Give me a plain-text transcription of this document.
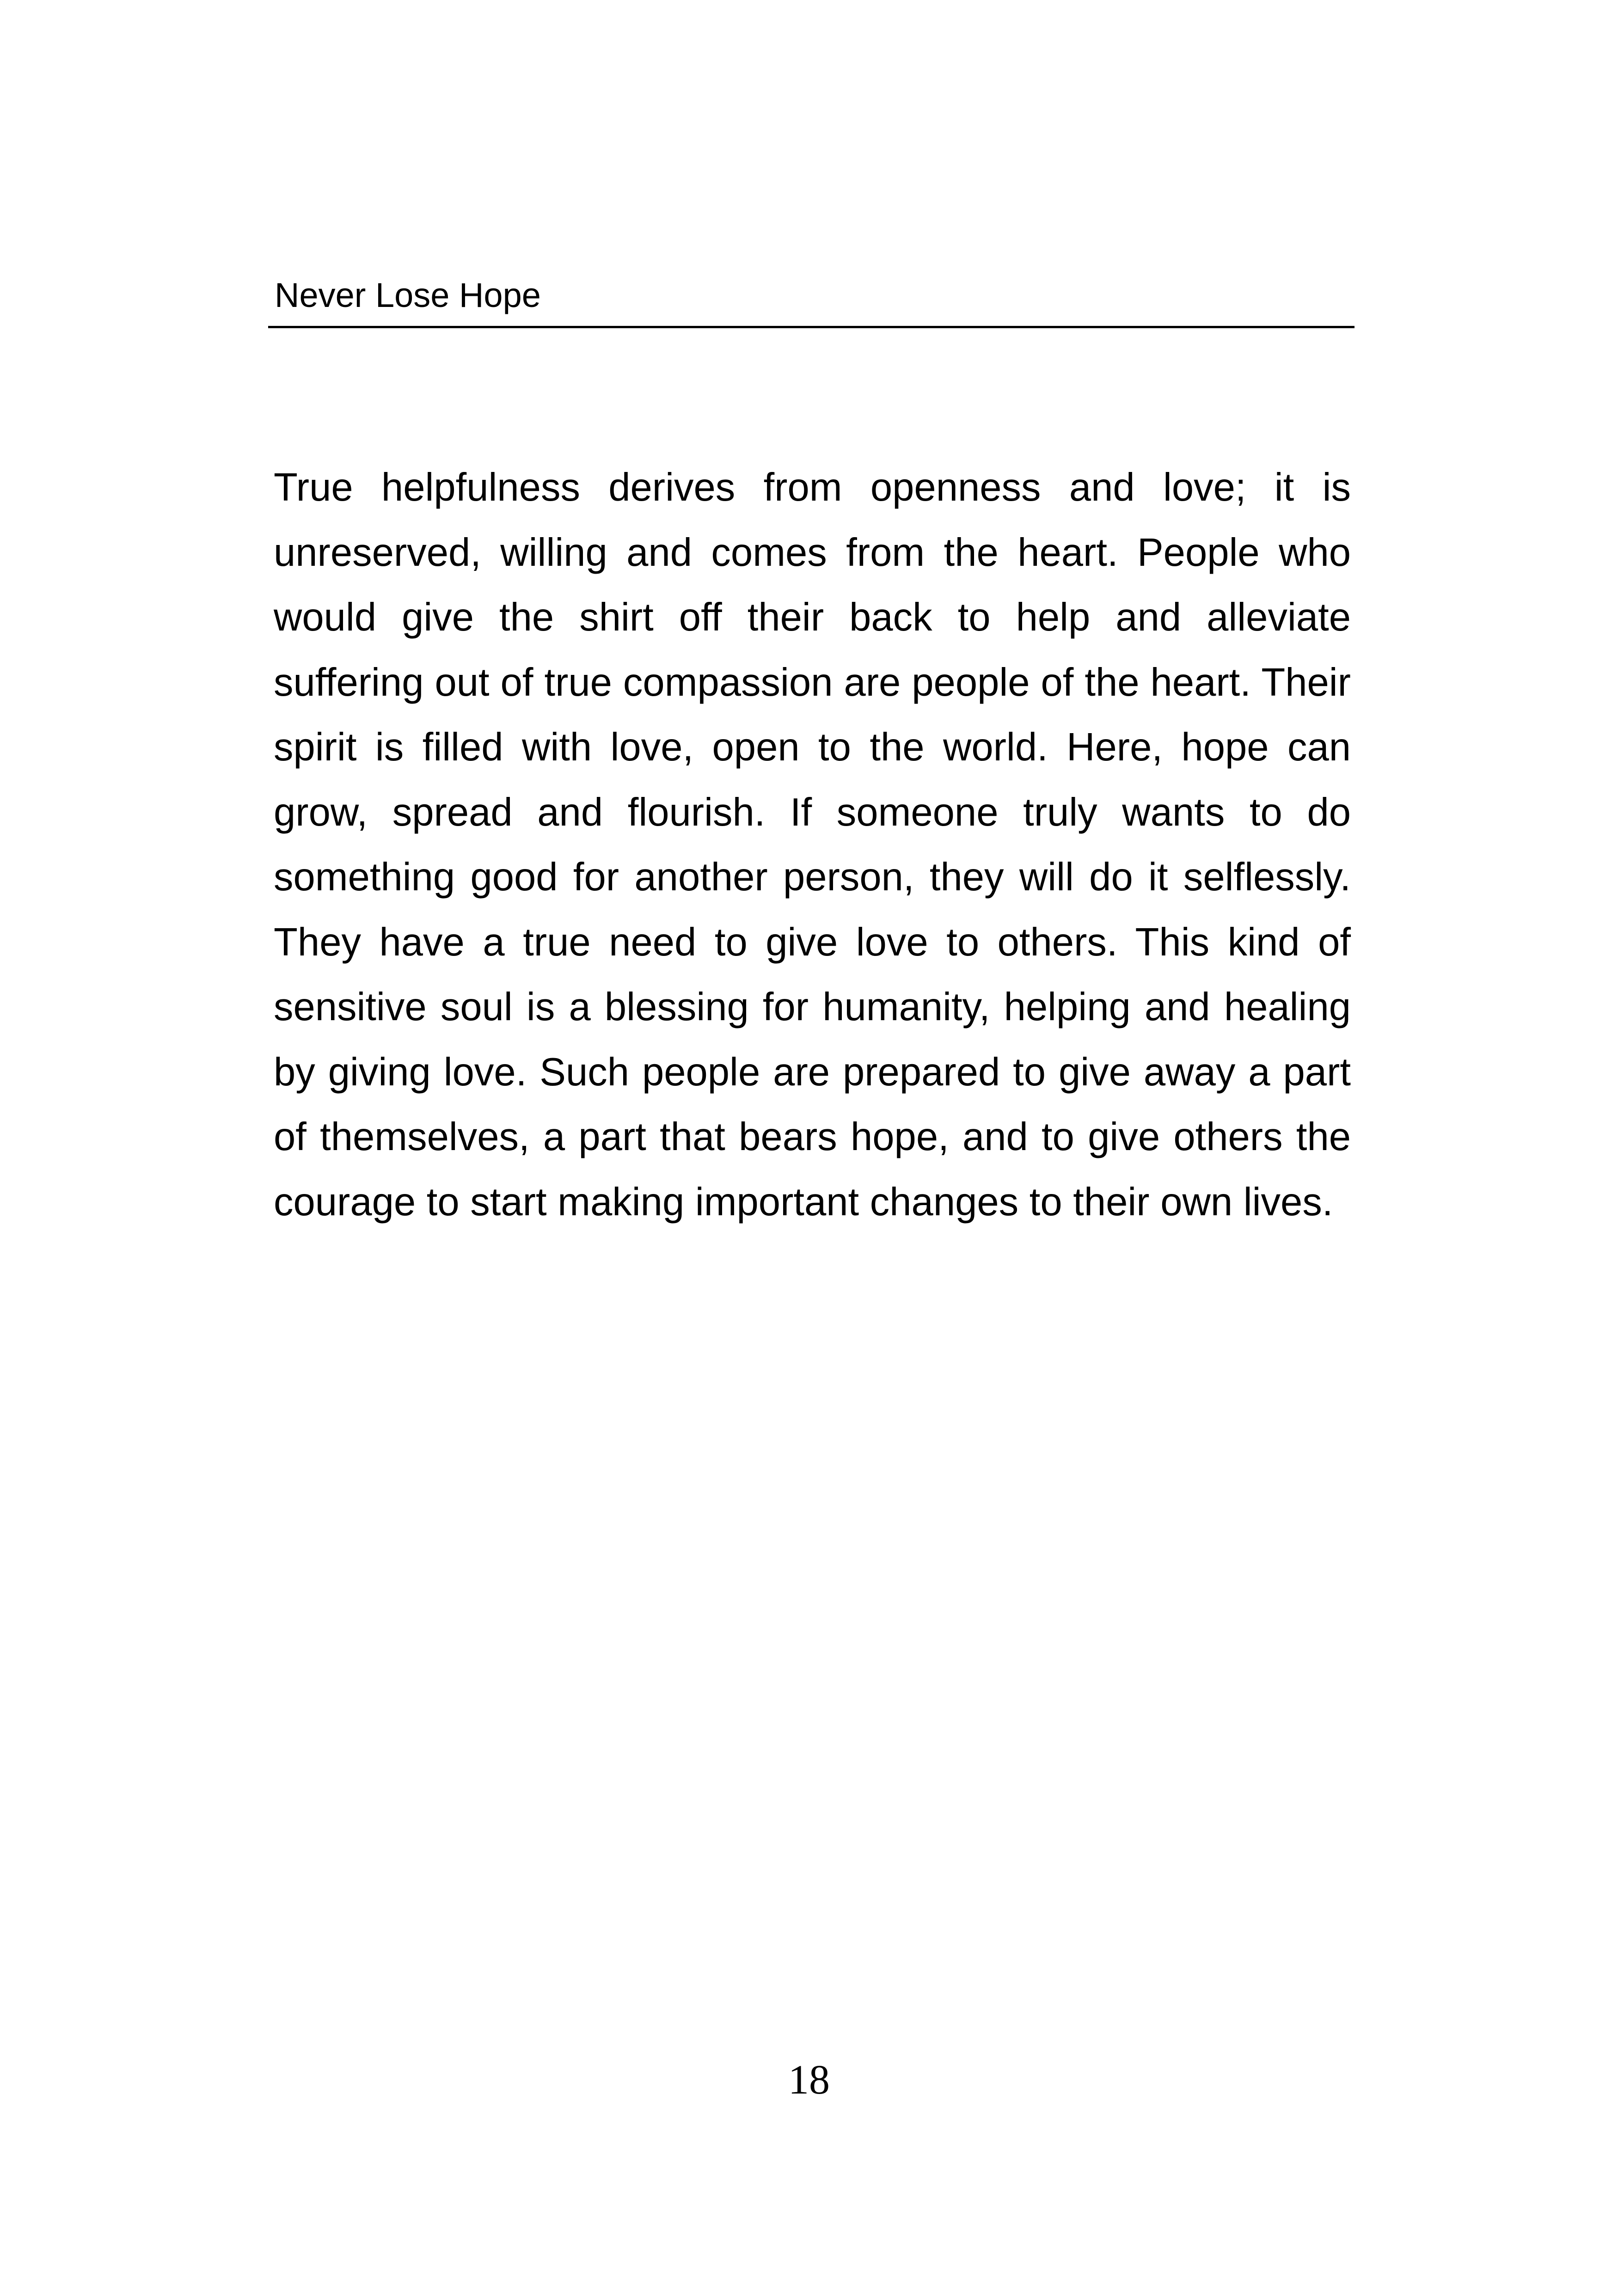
Never Lose Hope

True helpfulness derives from openness and love; it is unreserved, willing and comes from the heart. People who would give the shirt off their back to help and alleviate suffering out of true compassion are people of the heart. Their spirit is filled with love, open to the world. Here, hope can grow, spread and flourish. If someone truly wants to do something good for another person, they will do it selflessly. They have a true need to give love to others. This kind of sensitive soul is a blessing for humanity, helping and healing by giving love. Such people are prepared to give away a part of themselves, a part that bears hope, and to give others the courage to start making important changes to their own lives.

18
